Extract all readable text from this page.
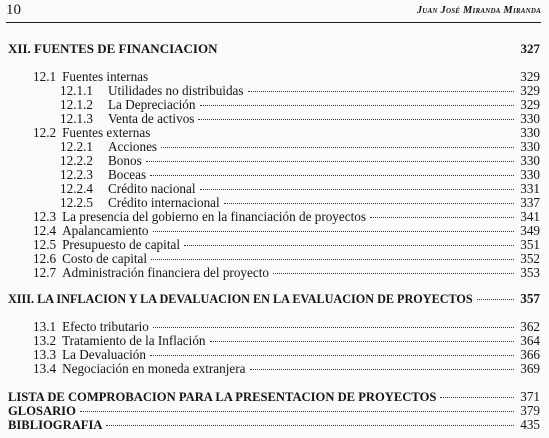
10	Juan José Miranda Miranda
XII. FUENTES DE FINANCIACION	327
12.1 Fuentes internas	329
12.1.1	Utilidades no distribuidas	329
12.1.2	La Depreciación	329
12.1.3	Venta de activos	330
12.2 Fuentes externas	330
12.2.1	Acciones	330
12.2.2	Bonos	330
12.2.3	Boceas	330
12.2.4	Crédito nacional	331
12.2.5	Crédito internacional	337
12.3 La presencia del gobierno en la financiación de proyectos	341
12.4 Apalancamiento	349
12.5 Presupuesto de capital	351
12.6 Costo de capital	352
12.7 Administración financiera del proyecto	353
XIII. LA INFLACION Y LA DEVALUACION EN LA EVALUACION DE PROYECTOS	357
13.1 Efecto tributario	362
13.2 Tratamiento de la Inflación	364
13.3 La Devaluación	366
13.4 Negociación en moneda extranjera	369
LISTA DE COMPROBACION PARA LA PRESENTACION DE PROYECTOS	371
GLOSARIO	379
BIBLIOGRAFIA	435
